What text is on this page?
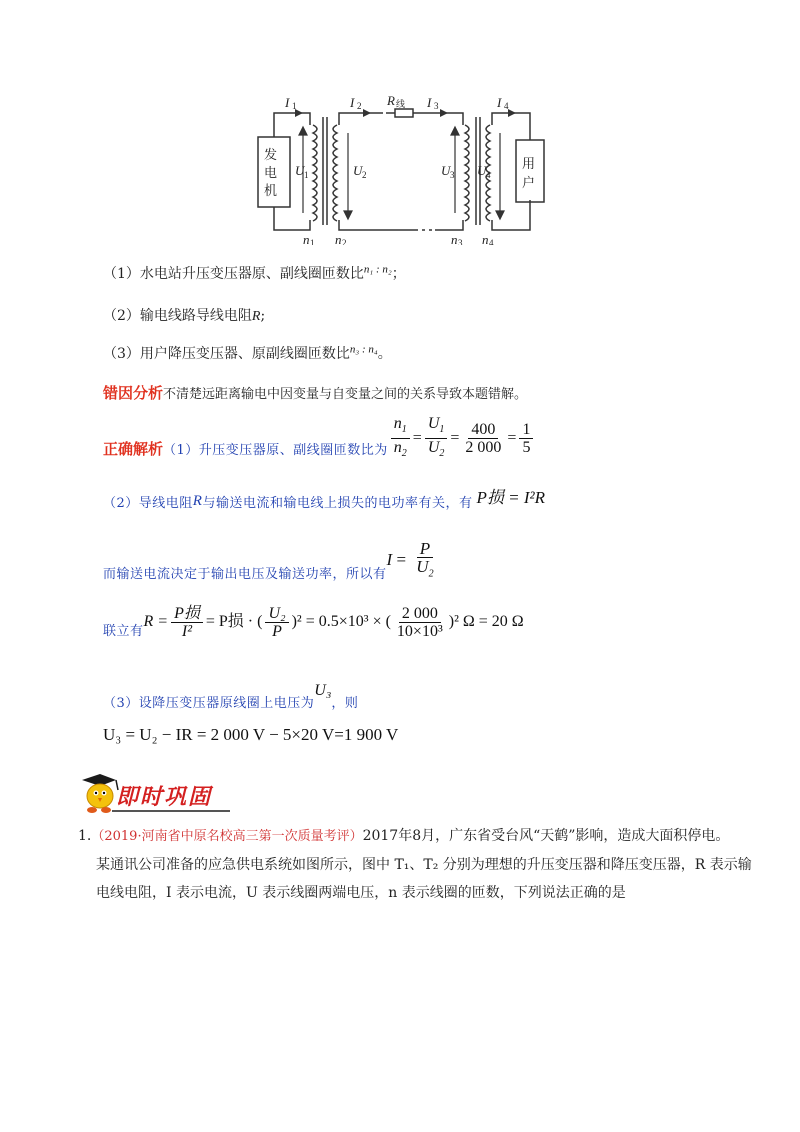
发
电
机
用
户
I	I	I	I
R
U	U	U U
n n	n n
1	2	3	4
线
1	2	3	4
1	2	3	4
（1）水电站升压变压器原、副线圈匝数比$^{n_1 : n_2}$；
（2）输电线路导线电阻R;
（3）用户降压变压器、原副线圈匝数比$^{n_3 : n_4}$。
错因分析不清楚远距离输电中因变量与自变量之间的关系导致本题错解。
正确解析 （1）升压变压器原、副线圈匝数比为 $\frac{n_1}{n_2} = \frac{U_1}{U_2} = \frac{400}{2 000} = \frac{1}{5}$
（2）导线电阻 R 与输送电流和输电线上损失的电功率有关，有 P损 = I²R
而输送电流决定于输出电压及输送功率，所以有
$I = \frac{P}{U_2}$
联立有
$R = \frac{\text{P损}}{\text{I²}} = P$损 · ( $\frac{\text{U₂}}{P} )^2 = 0.5\times 10^3$ × ( $\frac{2 000}{\text{10×10³}} )^2$ Ω = 20 Ω
（3）设降压变压器原线圈上电压为
U₃
，则
U₃ = U₂ − IR = 2 000 V − 5×20 V=1 900 V
即时巩固
1.（2019·河南省中原名校高三第一次质量考评）2017年8月，广东省受台风“天鹤”影响，造成大面积停电。
某通讯公司准备的应急供电系统如图所示，图中 T₁、T₂ 分别为理想的升压变压器和降压变压器，R 表示输
电线电阻，I 表示电流，U 表示线圈两端电压，n 表示线圈的匝数，下列说法正确的是
